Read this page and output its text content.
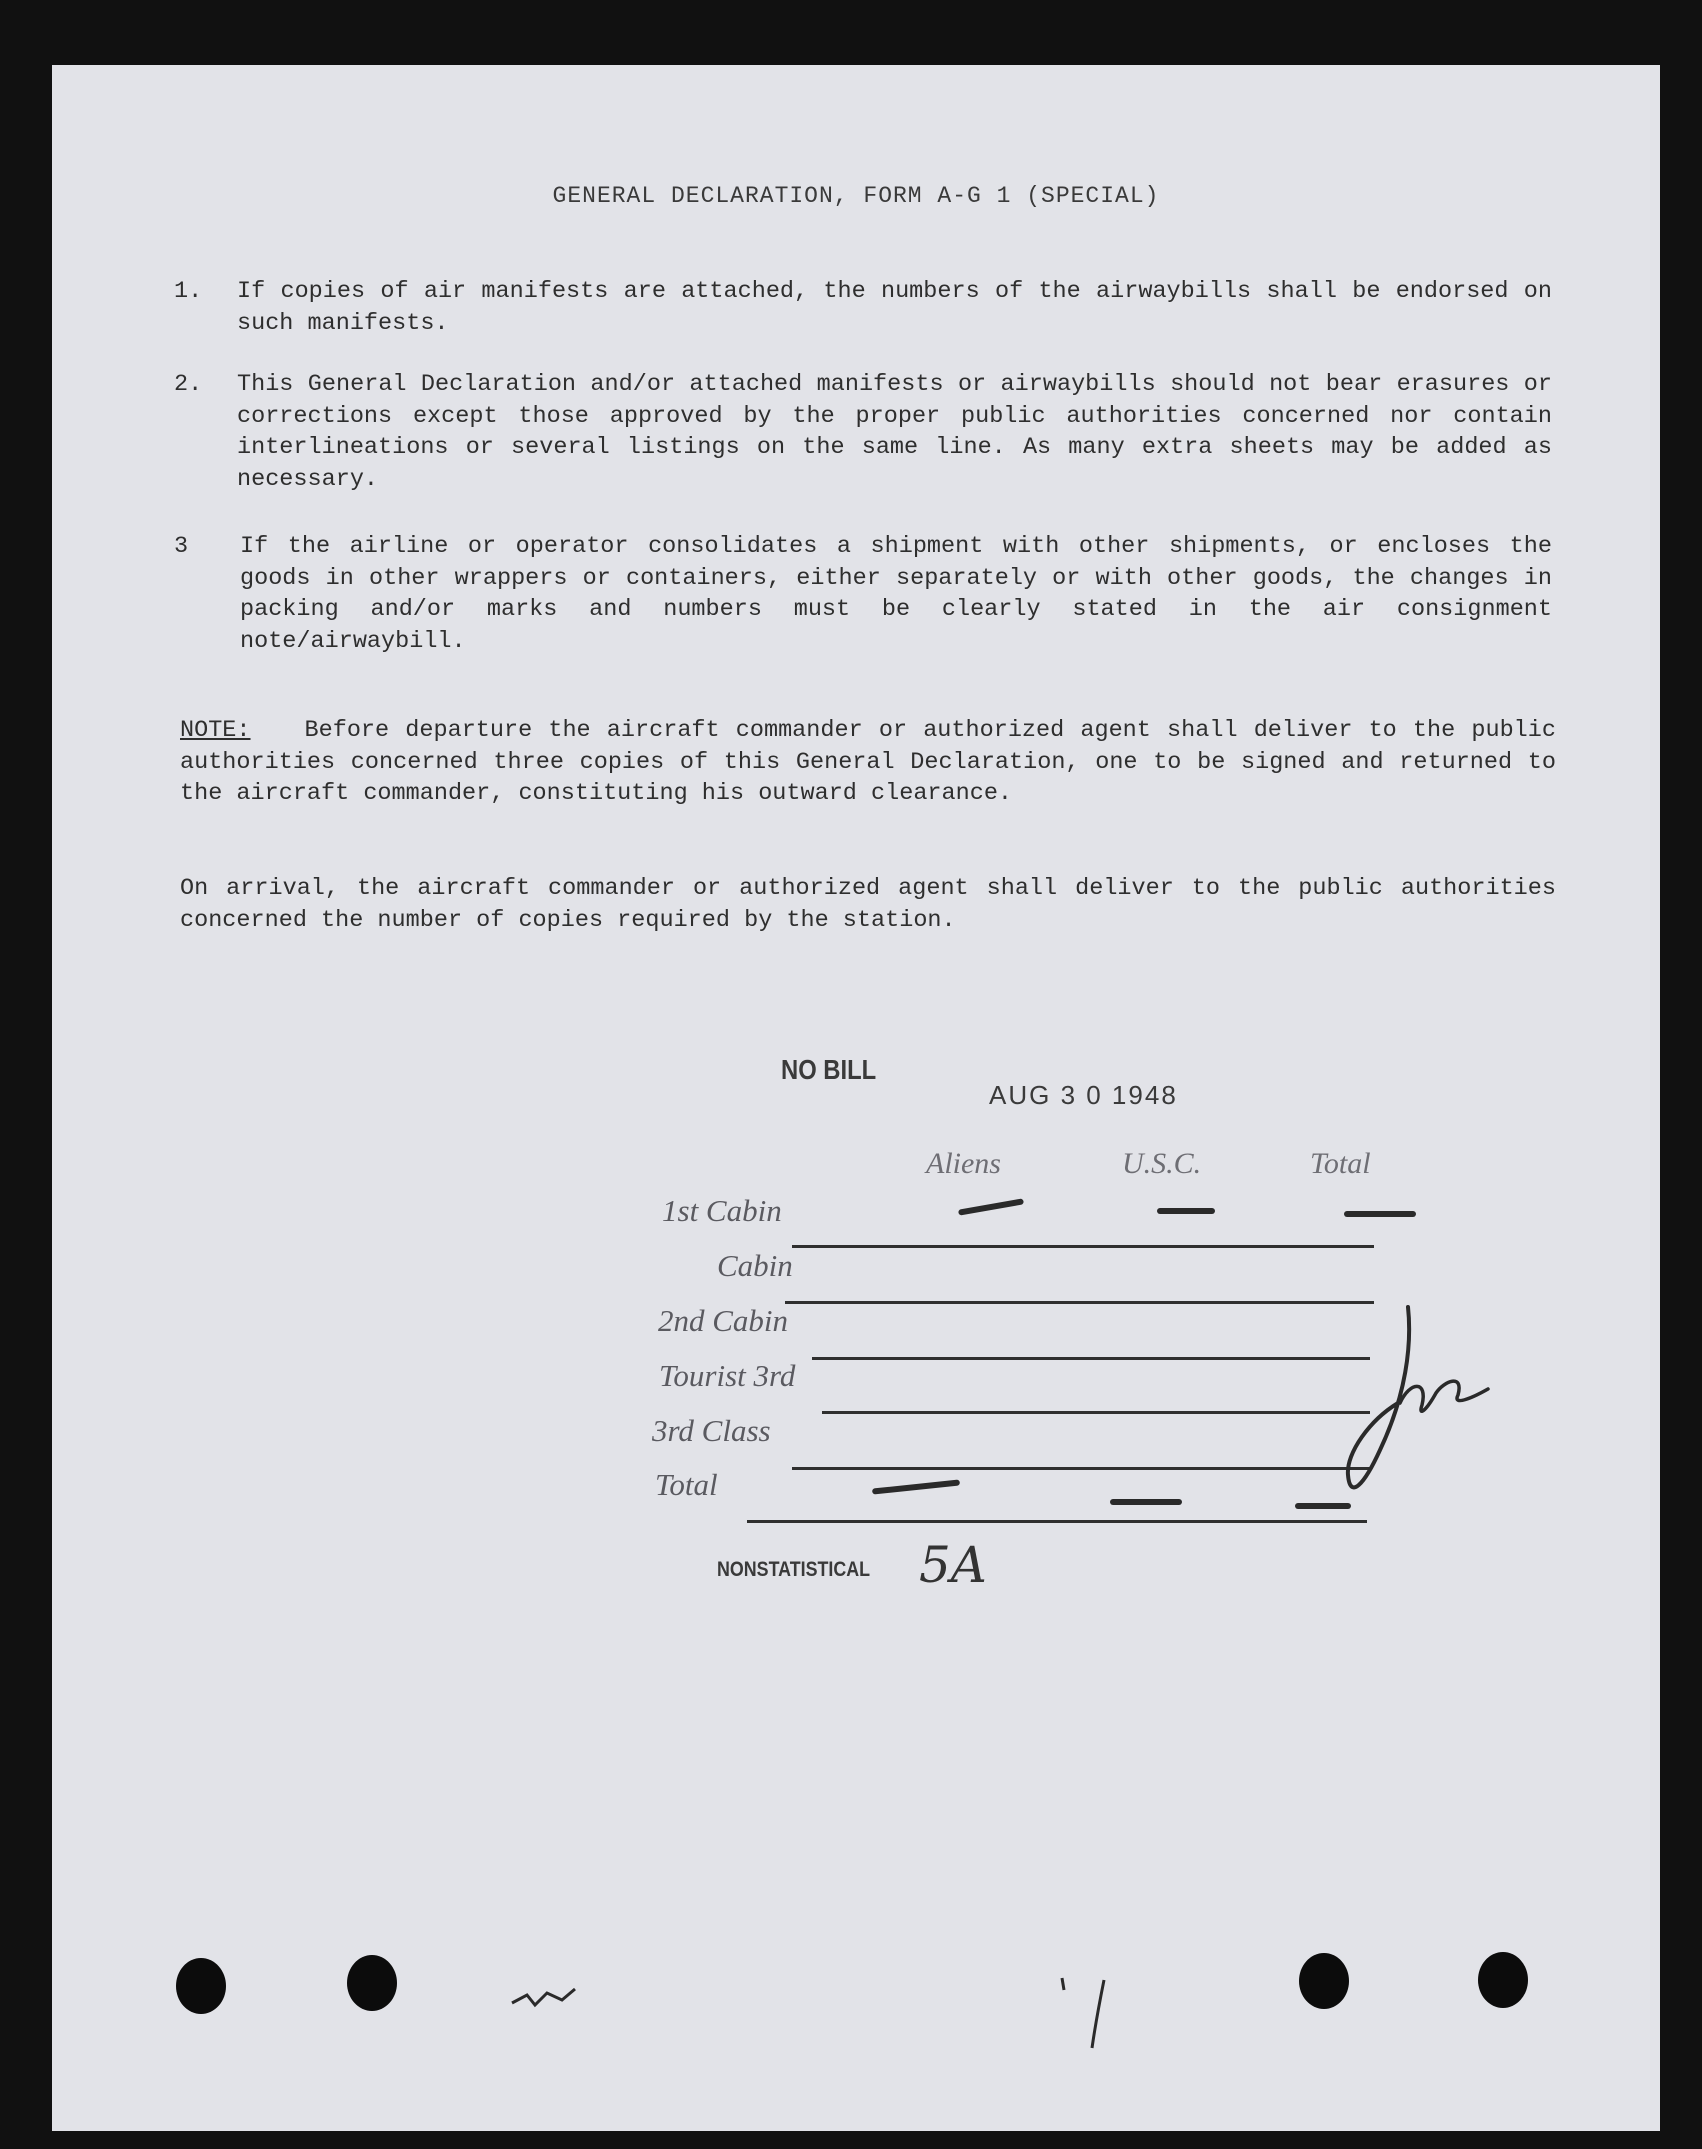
GENERAL DECLARATION, FORM A-G 1 (SPECIAL)
1. If copies of air manifests are attached, the numbers of the airwaybills shall be endorsed on such manifests.
2. This General Declaration and/or attached manifests or airwaybills should not bear erasures or corrections except those approved by the proper public authorities concerned nor contain interlineations or several listings on the same line. As many extra sheets may be added as necessary.
3 If the airline or operator consolidates a shipment with other shipments, or encloses the goods in other wrappers or containers, either separately or with other goods, the changes in packing and/or marks and numbers must be clearly stated in the air consignment note/airwaybill.
NOTE: Before departure the aircraft commander or authorized agent shall deliver to the public authorities concerned three copies of this General Declaration, one to be signed and returned to the aircraft commander, constituting his outward clearance.
On arrival, the aircraft commander or authorized agent shall deliver to the public authorities concerned the number of copies required by the station.
NO BILL
AUG 3 0 1948
Aliens	U.S.C.	Total
1st Cabin
Cabin
2nd Cabin
Tourist 3rd
3rd Class
Total
NONSTATISTICAL 5A
